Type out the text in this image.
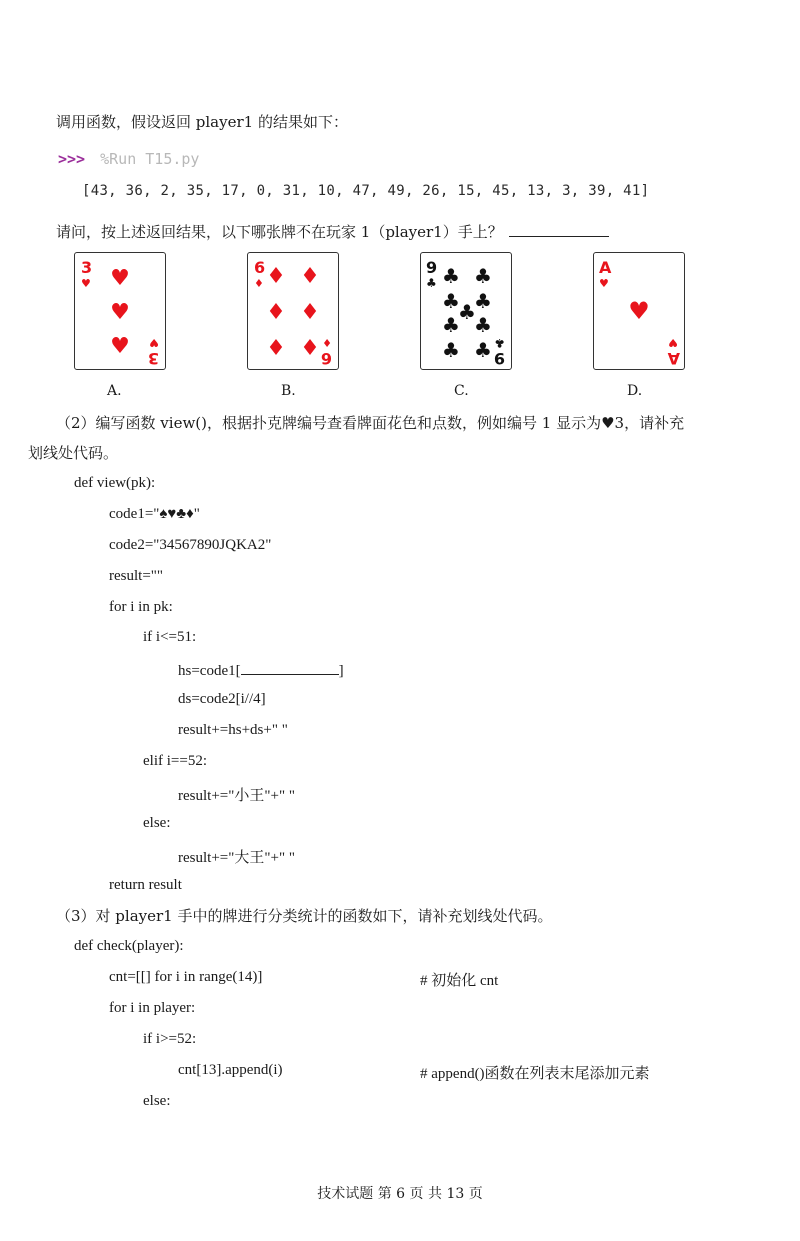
调用函数，假设返回 player1 的结果如下：
>>> %Run T15.py
[43, 36, 2, 35, 17, 0, 31, 10, 47, 49, 26, 15, 45, 13, 3, 39, 41]
请问，按上述返回结果，以下哪张牌不在玩家 1（player1）手上？
3
♥ ♥
♥
♥ 3
♥
A.
6
♦ ♦ ♦
♦ ♦
♦ ♦ 6
♦
B.
9
♣ ♣ ♣
♣ ♣
♣
♣ ♣
♣ ♣ 9
♣
C.
A
♥
♥
A
♥
D.
（2）编写函数 view()，根据扑克牌编号查看牌面花色和点数，例如编号 1 显示为♥3，请补充
划线处代码。
def view(pk):
code1="♠♥♣♦"
code2="34567890JQKA2"
result=""
for i in pk:
if i<=51:
hs=code1[	]
ds=code2[i//4]
result+=hs+ds+" "
elif i==52:
result+="小王"+" "
else:
result+="大王"+" "
return result
（3）对 player1 手中的牌进行分类统计的函数如下，请补充划线处代码。
def check(player):
cnt=[[] for i in range(14)]	# 初始化 cnt
for i in player:
if i>=52:
cnt[13].append(i)	# append()函数在列表末尾添加元素
else:
技术试题 第 6 页 共 13 页
